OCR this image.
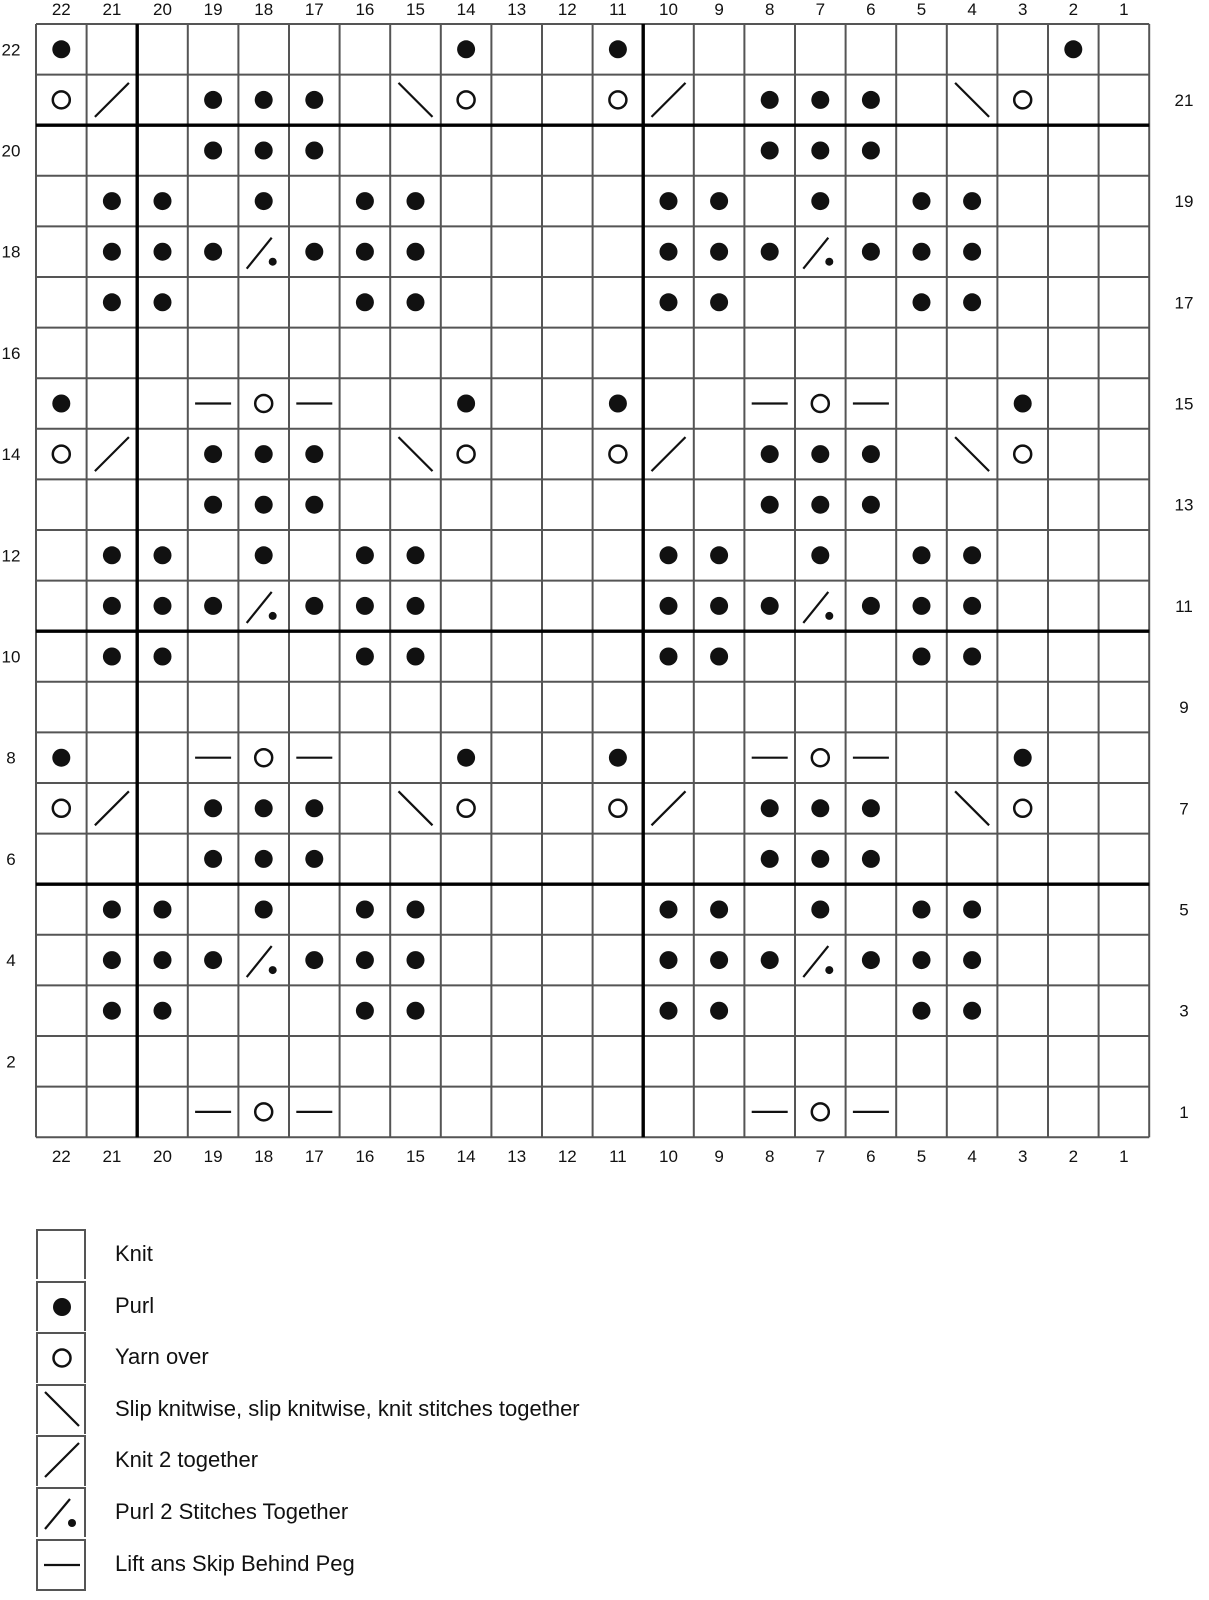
22 21 20 19 18 17 16 15 14 13 12 11 10 9 8 7 6 5 4 3 2 1
22 21 20 19 18 17 16 15 14 13 12 11 10 9 8 7 6 5 4 3 2 1
22
20
18
16
14
12
10
8
6
4
2
21
19
17
15
13
11
9
7
5
3
1
Knit
Purl
Yarn over
Slip knitwise, slip knitwise, knit stitches together
Knit 2 together
Purl 2 Stitches Together
Lift ans Skip Behind Peg
